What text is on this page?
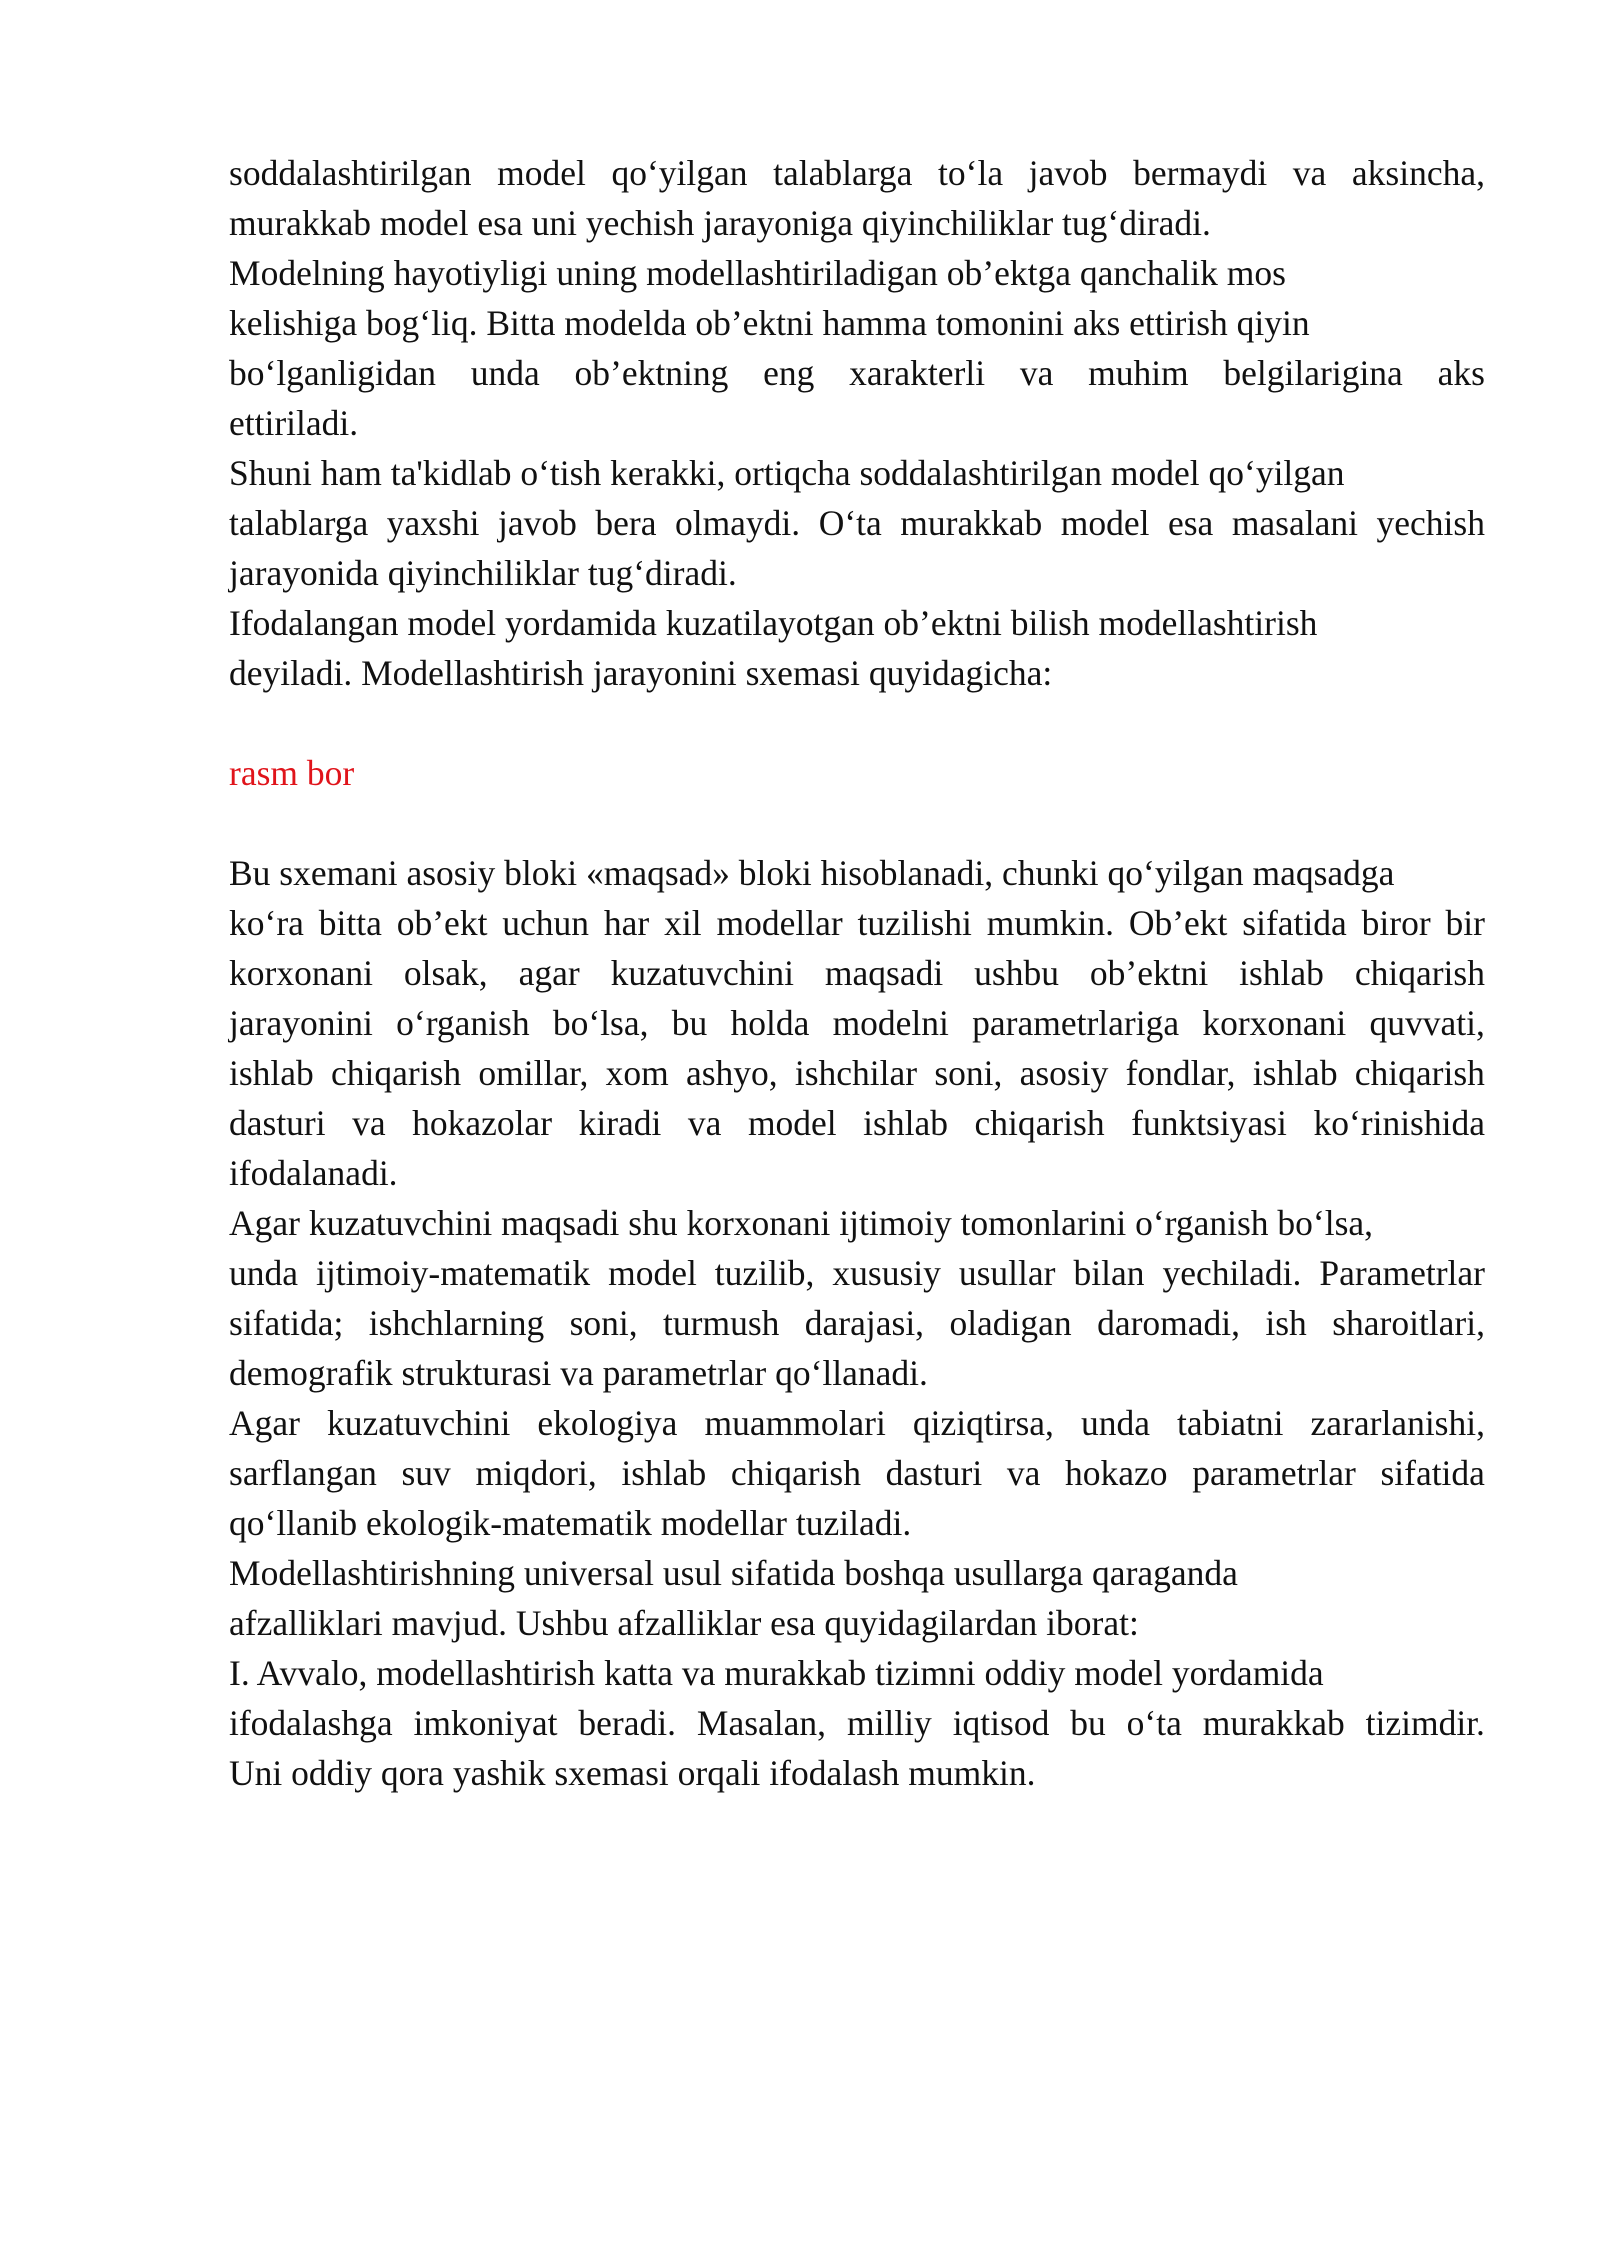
soddalashtirilgan model qo‘yilgan talablarga to‘la javob bermaydi va aksincha,
murakkab model esa uni yechish jarayoniga qiyinchiliklar tug‘diradi.
Modelning hayotiyligi uning modellashtiriladigan ob’ektga qanchalik mos
kelishiga bog‘liq. Bitta modelda ob’ektni hamma tomonini aks ettirish qiyin
bo‘lganligidan unda ob’ektning eng xarakterli va muhim belgilarigina aks
ettiriladi.
Shuni ham ta'kidlab o‘tish kerakki, ortiqcha soddalashtirilgan model qo‘yilgan
talablarga yaxshi javob bera olmaydi. O‘ta murakkab model esa masalani yechish
jarayonida qiyinchiliklar tug‘diradi.
Ifodalangan model yordamida kuzatilayotgan ob’ektni bilish modellashtirish
deyiladi. Modellashtirish jarayonini sxemasi quyidagicha:
rasm bor
Bu sxemani asosiy bloki «maqsad» bloki hisoblanadi, chunki qo‘yilgan maqsadga
ko‘ra bitta ob’ekt uchun har xil modellar tuzilishi mumkin. Ob’ekt sifatida biror bir
korxonani olsak, agar kuzatuvchini maqsadi ushbu ob’ektni ishlab chiqarish
jarayonini o‘rganish bo‘lsa, bu holda modelni parametrlariga korxonani quvvati,
ishlab chiqarish omillar, xom ashyo, ishchilar soni, asosiy fondlar, ishlab chiqarish
dasturi va hokazolar kiradi va model ishlab chiqarish funktsiyasi ko‘rinishida
ifodalanadi.
Agar kuzatuvchini maqsadi shu korxonani ijtimoiy tomonlarini o‘rganish bo‘lsa,
unda ijtimoiy-matematik model tuzilib, xususiy usullar bilan yechiladi. Parametrlar
sifatida; ishchlarning soni, turmush darajasi, oladigan daromadi, ish sharoitlari,
demografik strukturasi va parametrlar qo‘llanadi.
Agar kuzatuvchini ekologiya muammolari qiziqtirsa, unda tabiatni zararlanishi,
sarflangan suv miqdori, ishlab chiqarish dasturi va hokazo parametrlar sifatida
qo‘llanib ekologik-matematik modellar tuziladi.
Modellashtirishning universal usul sifatida boshqa usullarga qaraganda
afzalliklari mavjud. Ushbu afzalliklar esa quyidagilardan iborat:
I. Avvalo, modellashtirish katta va murakkab tizimni oddiy model yordamida
ifodalashga imkoniyat beradi. Masalan, milliy iqtisod bu o‘ta murakkab tizimdir.
Uni oddiy qora yashik sxemasi orqali ifodalash mumkin.
